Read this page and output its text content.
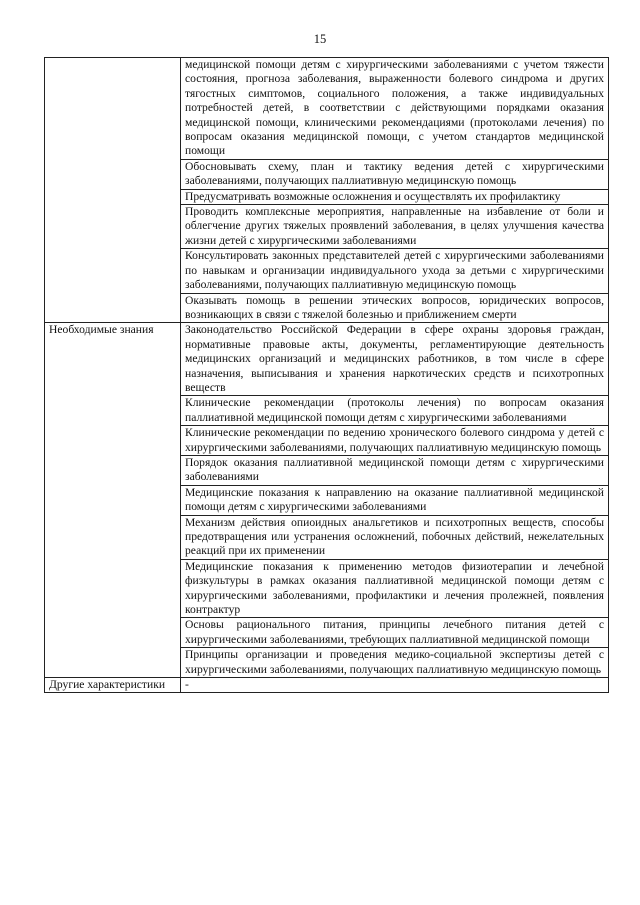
15
	медицинской помощи детям с хирургическими заболеваниями с учетом тяжести состояния, прогноза заболевания, выраженности болевого синдрома и других тягостных симптомов, социального положения, а также индивидуальных потребностей детей, в соответствии с действующими порядками оказания медицинской помощи, клиническими рекомендациями (протоколами лечения) по вопросам оказания медицинской помощи, с учетом стандартов медицинской помощи
	Обосновывать схему, план и тактику ведения детей с хирургическими заболеваниями, получающих паллиативную медицинскую помощь
	Предусматривать возможные осложнения и осуществлять их профилактику
	Проводить комплексные мероприятия, направленные на избавление от боли и облегчение других тяжелых проявлений заболевания, в целях улучшения качества жизни детей с хирургическими заболеваниями
	Консультировать законных представителей детей с хирургическими заболеваниями по навыкам и организации индивидуального ухода за детьми с хирургическими заболеваниями, получающих паллиативную медицинскую помощь
	Оказывать помощь в решении этических вопросов, юридических вопросов, возникающих в связи с тяжелой болезнью и приближением смерти
Необходимые знания	Законодательство Российской Федерации в сфере охраны здоровья граждан, нормативные правовые акты, документы, регламентирующие деятельность медицинских организаций и медицинских работников, в том числе в сфере назначения, выписывания и хранения наркотических средств и психотропных веществ
	Клинические рекомендации (протоколы лечения) по вопросам оказания паллиативной медицинской помощи детям с хирургическими заболеваниями
	Клинические рекомендации по ведению хронического болевого синдрома у детей с хирургическими заболеваниями, получающих паллиативную медицинскую помощь
	Порядок оказания паллиативной медицинской помощи детям с хирургическими заболеваниями
	Медицинские показания к направлению на оказание паллиативной медицинской помощи детям с хирургическими заболеваниями
	Механизм действия опиоидных анальгетиков и психотропных веществ, способы предотвращения или устранения осложнений, побочных действий, нежелательных реакций при их применении
	Медицинские показания к применению методов физиотерапии и лечебной физкультуры в рамках оказания паллиативной медицинской помощи детям с хирургическими заболеваниями, профилактики и лечения пролежней, появления контрактур
	Основы рационального питания, принципы лечебного питания детей с хирургическими заболеваниями, требующих паллиативной медицинской помощи
	Принципы организации и проведения медико-социальной экспертизы детей с хирургическими заболеваниями, получающих паллиативную медицинскую помощь
Другие характеристики	-
